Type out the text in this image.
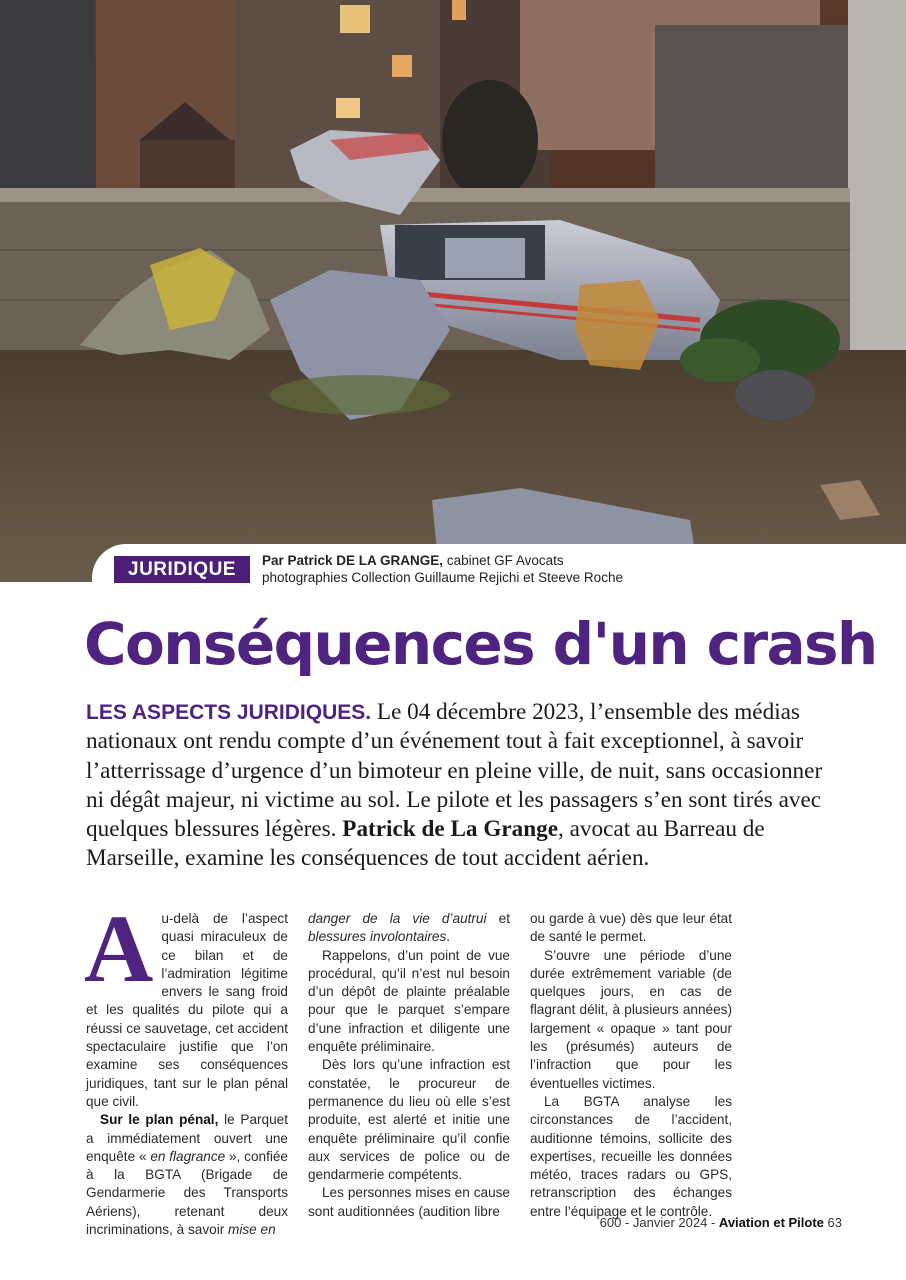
JURIDIQUE	Par Patrick DE LA GRANGE, cabinet GF Avocats
photographies Collection Guillaume Rejichi et Steeve Roche
Conséquences d'un crash
LES ASPECTS JURIDIQUES. Le 04 décembre 2023, l’ensemble des médias nationaux ont rendu compte d’un événement tout à fait exceptionnel, à savoir l’atterrissage d’urgence d’un bimoteur en pleine ville, de nuit, sans occasionner ni dégât majeur, ni victime au sol. Le pilote et les passagers s’en sont tirés avec quelques blessures légères. Patrick de La Grange, avocat au Barreau de Marseille, examine les conséquences de tout accident aérien.

Au-delà de l’aspect quasi miraculeux de ce bilan et de l’admiration légitime envers le sang froid et les qualités du pilote qui a réussi ce sauvetage, cet accident spectaculaire justifie que l’on examine ses conséquences juridiques, tant sur le plan pénal que civil.

Sur le plan pénal, le Parquet a immédiatement ouvert une enquête « en flagrance », confiée à la BGTA (Brigade de Gendarmerie des Transports Aériens), retenant deux incriminations, à savoir mise en

danger de la vie d’autrui et blessures involontaires.

Rappelons, d’un point de vue procédural, qu’il n’est nul besoin d’un dépôt de plainte préalable pour que le parquet s’empare d’une infraction et diligente une enquête préliminaire.

Dès lors qu’une infraction est constatée, le procureur de permanence du lieu où elle s’est produite, est alerté et initie une enquête préliminaire qu’il confie aux services de police ou de gendarmerie compétents.

Les personnes mises en cause sont auditionnées (audition libre

ou garde à vue) dès que leur état de santé le permet.

S’ouvre une période d’une durée extrêmement variable (de quelques jours, en cas de flagrant délit, à plusieurs années) largement « opaque » tant pour les (présumés) auteurs de l’infraction que pour les éventuelles victimes.

La BGTA analyse les circonstances de l’accident, auditionne témoins, sollicite des expertises, recueille les données météo, traces radars ou GPS, retranscription des échanges entre l’équipage et le contrôle.

600 - Janvier 2024 - Aviation et Pilote 63
